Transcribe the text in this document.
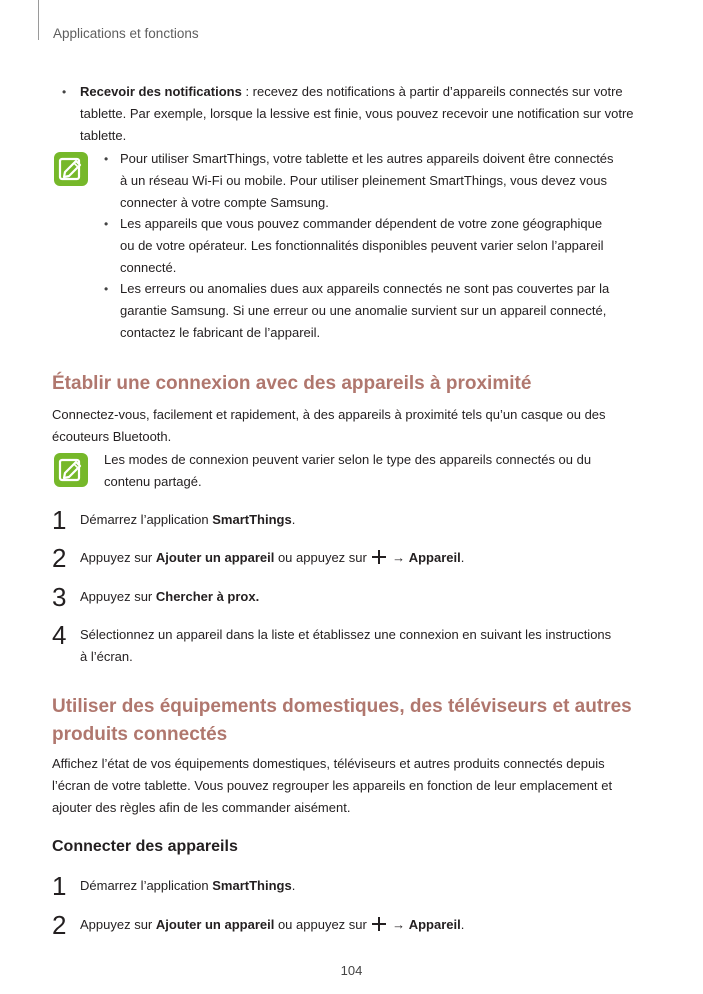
Applications et fonctions
• Recevoir des notifications : recevez des notifications à partir d’appareils connectés sur votre
tablette. Par exemple, lorsque la lessive est finie, vous pouvez recevoir une notification sur votre
tablette.
• Pour utiliser SmartThings, votre tablette et les autres appareils doivent être connectés
à un réseau Wi-Fi ou mobile. Pour utiliser pleinement SmartThings, vous devez vous
connecter à votre compte Samsung.
• Les appareils que vous pouvez commander dépendent de votre zone géographique
ou de votre opérateur. Les fonctionnalités disponibles peuvent varier selon l’appareil
connecté.
• Les erreurs ou anomalies dues aux appareils connectés ne sont pas couvertes par la
garantie Samsung. Si une erreur ou une anomalie survient sur un appareil connecté,
contactez le fabricant de l’appareil.
Établir une connexion avec des appareils à proximité
Connectez-vous, facilement et rapidement, à des appareils à proximité tels qu’un casque ou des
écouteurs Bluetooth.
Les modes de connexion peuvent varier selon le type des appareils connectés ou du
contenu partagé.
1 Démarrez l’application SmartThings.
2 Appuyez sur Ajouter un appareil ou appuyez sur  → Appareil.
3 Appuyez sur Chercher à prox.
4 Sélectionnez un appareil dans la liste et établissez une connexion en suivant les instructions
à l’écran.
Utiliser des équipements domestiques, des téléviseurs et autres
produits connectés
Affichez l’état de vos équipements domestiques, téléviseurs et autres produits connectés depuis
l’écran de votre tablette. Vous pouvez regrouper les appareils en fonction de leur emplacement et
ajouter des règles afin de les commander aisément.
Connecter des appareils
1 Démarrez l’application SmartThings.
2 Appuyez sur Ajouter un appareil ou appuyez sur  → Appareil.
104
